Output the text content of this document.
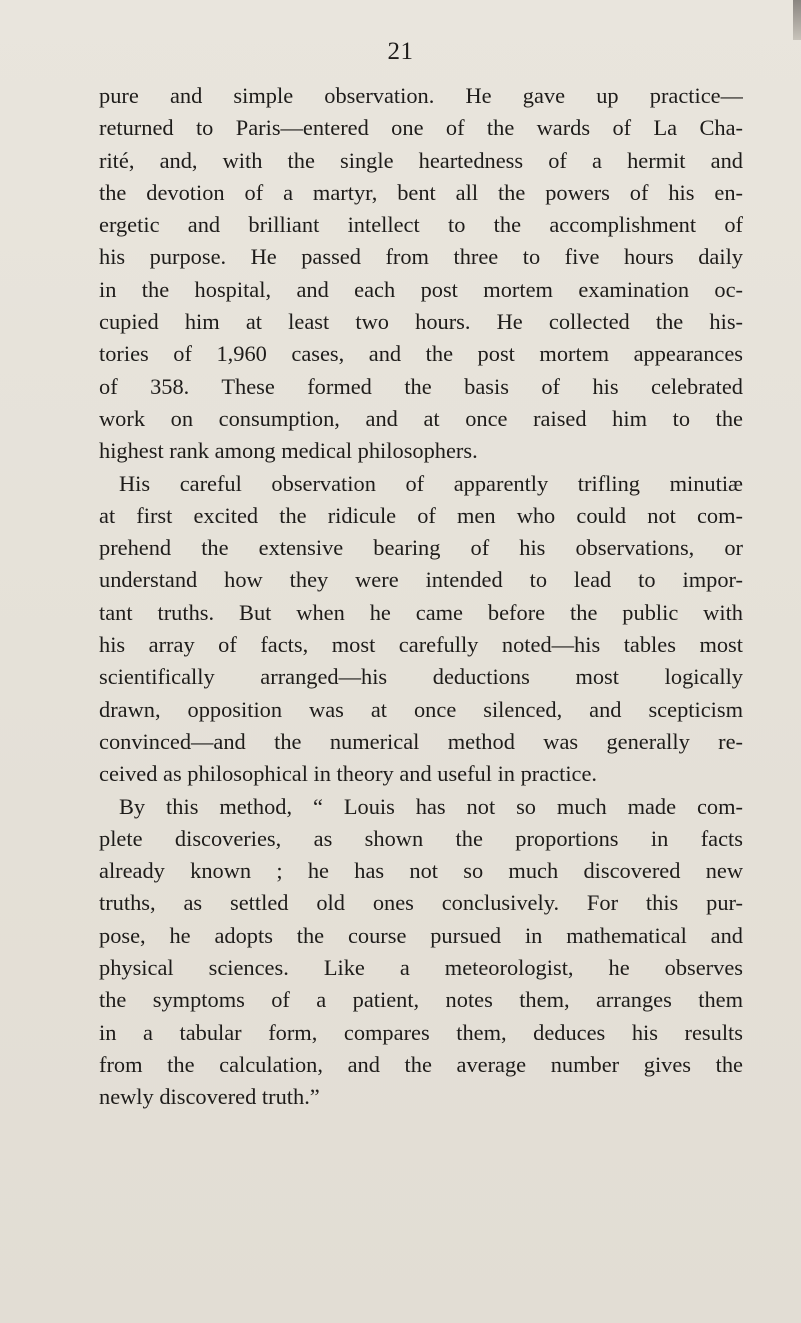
21
pure and simple observation. He gave up practice—
returned to Paris—entered one of the wards of La Cha-
rité, and, with the single heartedness of a hermit and
the devotion of a martyr, bent all the powers of his en-
ergetic and brilliant intellect to the accomplishment of
his purpose. He passed from three to five hours daily
in the hospital, and each post mortem examination oc-
cupied him at least two hours. He collected the his-
tories of 1,960 cases, and the post mortem appearances
of 358. These formed the basis of his celebrated
work on consumption, and at once raised him to the
highest rank among medical philosophers.
His careful observation of apparently trifling minutiæ
at first excited the ridicule of men who could not com-
prehend the extensive bearing of his observations, or
understand how they were intended to lead to impor-
tant truths. But when he came before the public with
his array of facts, most carefully noted—his tables most
scientifically arranged—his deductions most logically
drawn, opposition was at once silenced, and scepticism
convinced—and the numerical method was generally re-
ceived as philosophical in theory and useful in practice.
By this method, “ Louis has not so much made com-
plete discoveries, as shown the proportions in facts
already known ; he has not so much discovered new
truths, as settled old ones conclusively. For this pur-
pose, he adopts the course pursued in mathematical and
physical sciences. Like a meteorologist, he observes
the symptoms of a patient, notes them, arranges them
in a tabular form, compares them, deduces his results
from the calculation, and the average number gives the
newly discovered truth.”
